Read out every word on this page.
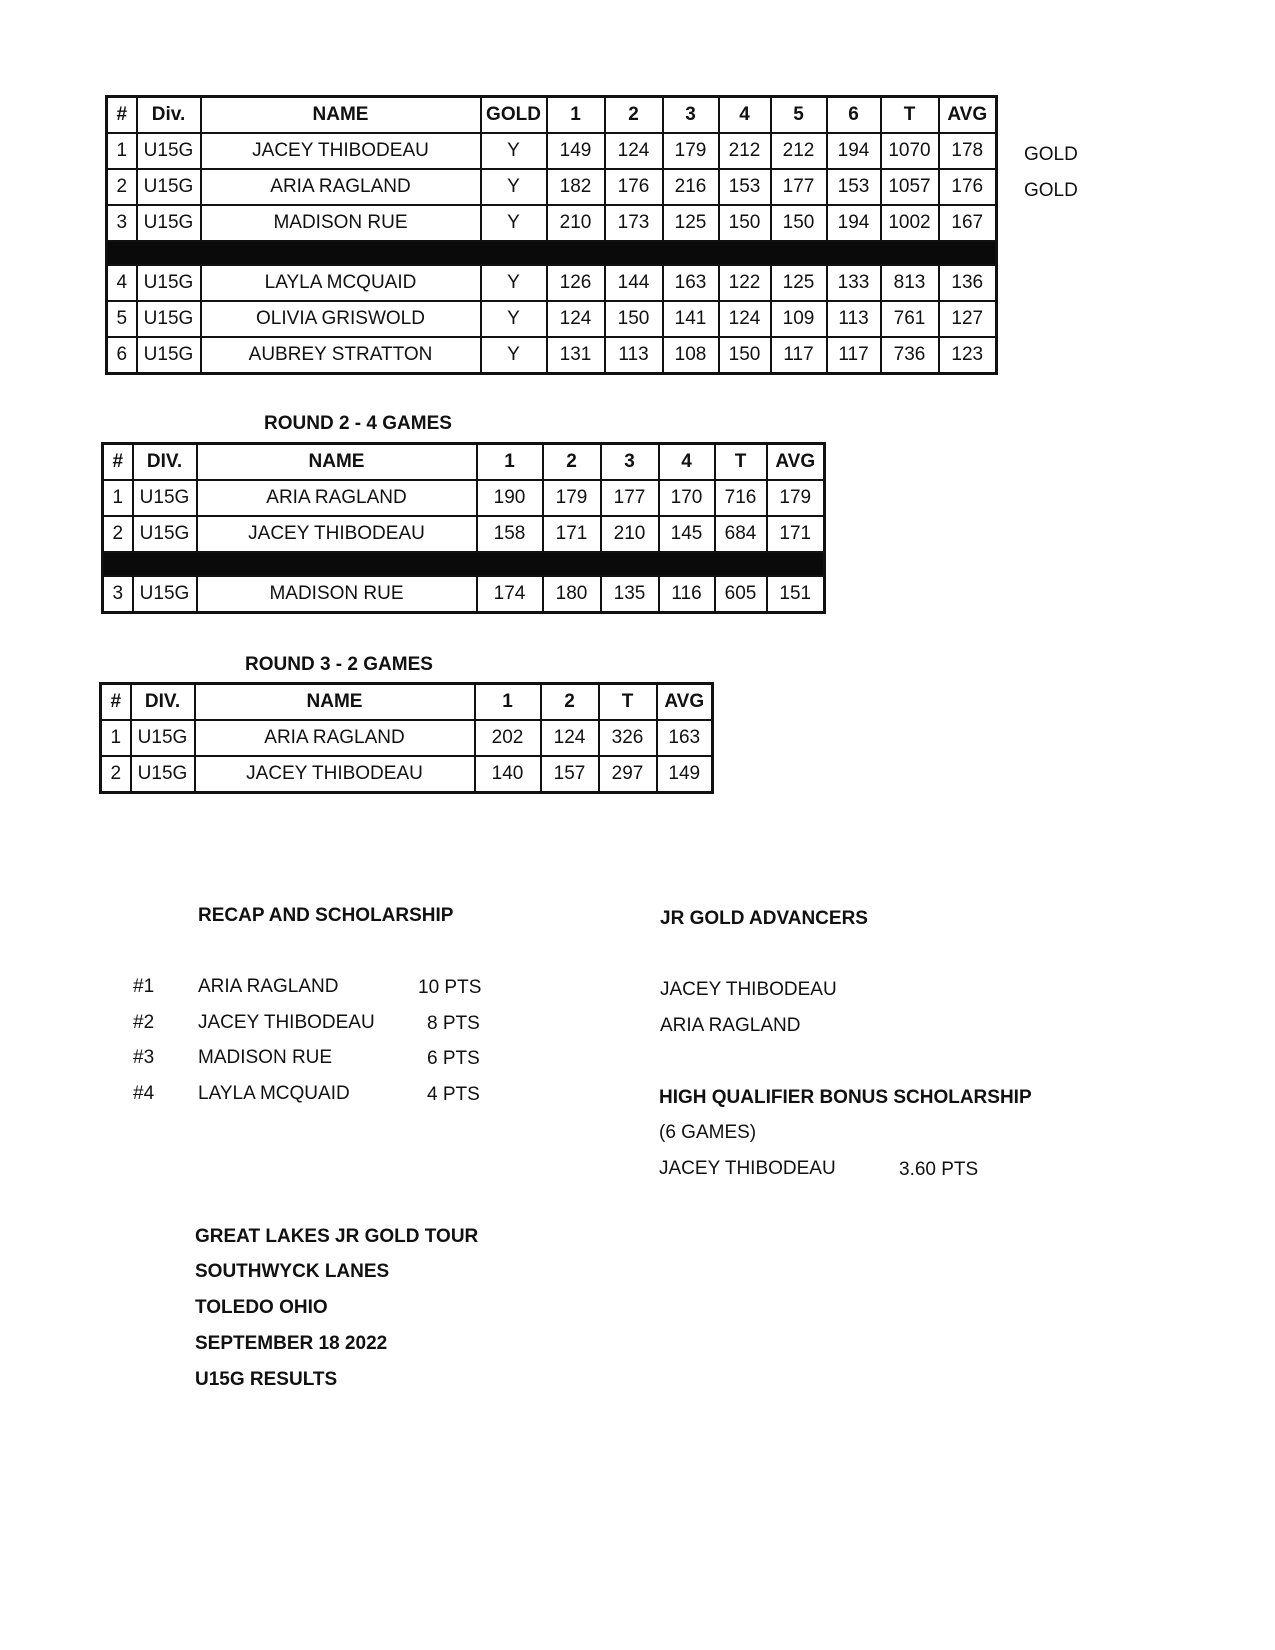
#	Div.	NAME	GOLD	1	2	3	4	5	6	T	AVG
1	U15G	JACEY THIBODEAU	Y	149	124	179	212	212	194	1070	178
2	U15G	ARIA RAGLAND	Y	182	176	216	153	177	153	1057	176
3	U15G	MADISON RUE	Y	210	173	125	150	150	194	1002	167

4	U15G	LAYLA MCQUAID	Y	126	144	163	122	125	133	813	136
5	U15G	OLIVIA GRISWOLD	Y	124	150	141	124	109	113	761	127
6	U15G	AUBREY STRATTON	Y	131	113	108	150	117	117	736	123
GOLD
GOLD
ROUND 2 - 4 GAMES
#	DIV.	NAME	1	2	3	4	T	AVG
1	U15G	ARIA RAGLAND	190	179	177	170	716	179
2	U15G	JACEY THIBODEAU	158	171	210	145	684	171

3	U15G	MADISON RUE	174	180	135	116	605	151
ROUND 3 - 2 GAMES
#	DIV.	NAME	1	2	T	AVG
1	U15G	ARIA RAGLAND	202	124	326	163
2	U15G	JACEY THIBODEAU	140	157	297	149
RECAP AND SCHOLARSHIP
#1 ARIA RAGLAND	10 PTS
#2 JACEY THIBODEAU	8 PTS
#3 MADISON RUE	6 PTS
#4 LAYLA MCQUAID	4 PTS
JR GOLD ADVANCERS
JACEY THIBODEAU
ARIA RAGLAND
HIGH QUALIFIER BONUS SCHOLARSHIP
(6 GAMES)
JACEY THIBODEAU	3.60 PTS
GREAT LAKES JR GOLD TOUR
SOUTHWYCK LANES
TOLEDO OHIO
SEPTEMBER 18 2022
U15G RESULTS
